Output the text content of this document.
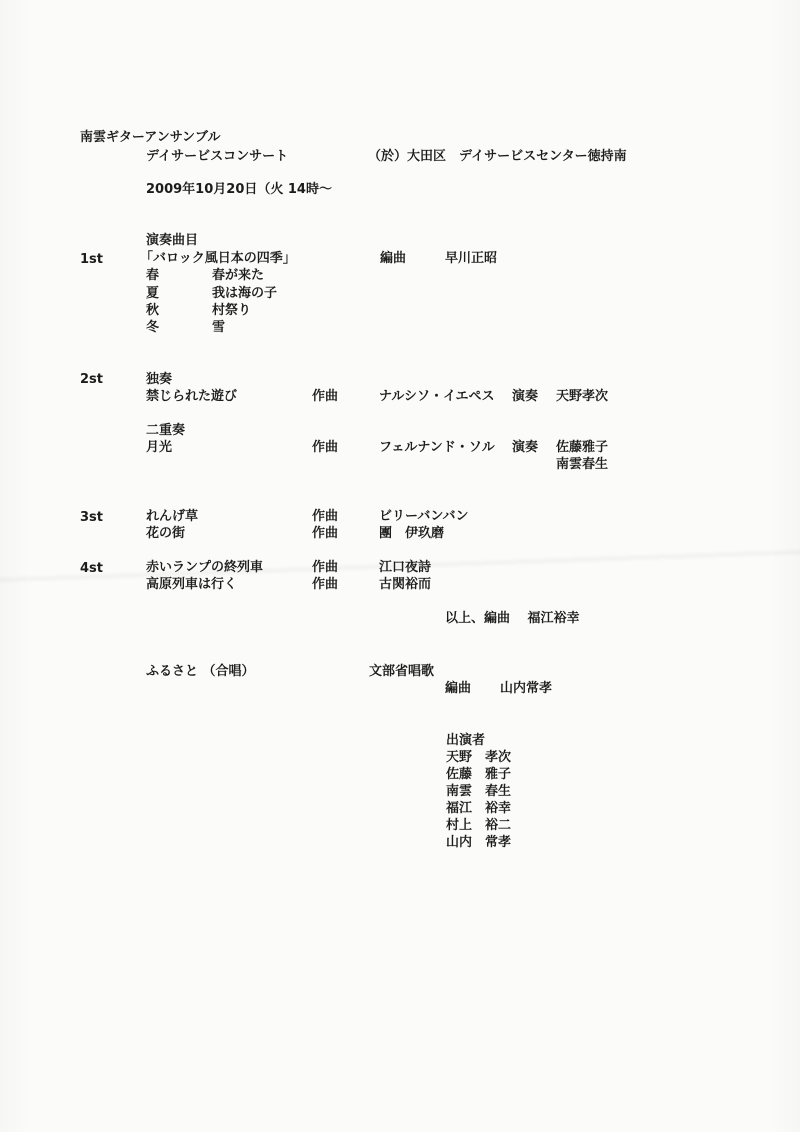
南雲ギターアンサンブル
デイサービスコンサート	（於）大田区　デイサービスセンター徳持南
2009年10月20日（火 14時～
演奏曲目
1st	「バロック風日本の四季」	編曲	早川正昭
春	春が来た
夏	我は海の子
秋	村祭り
冬	雪
2st	独奏
禁じられた遊び	作曲	ナルシソ・イエペス 演奏 天野孝次
二重奏
月光	作曲	フェルナンド・ソル 演奏 佐藤雅子
南雲春生
3st	れんげ草	作曲	ビリーバンバン
花の街	作曲	團　伊玖磨
4st	赤いランプの終列車	作曲	江口夜詩
高原列車は行く	作曲	古関裕而
以上、編曲　 福江裕幸
ふるさと （合唱）	文部省唱歌
編曲 山内常孝
出演者
天野　孝次
佐藤　雅子
南雲　春生
福江　裕幸
村上　裕二
山内　常孝
